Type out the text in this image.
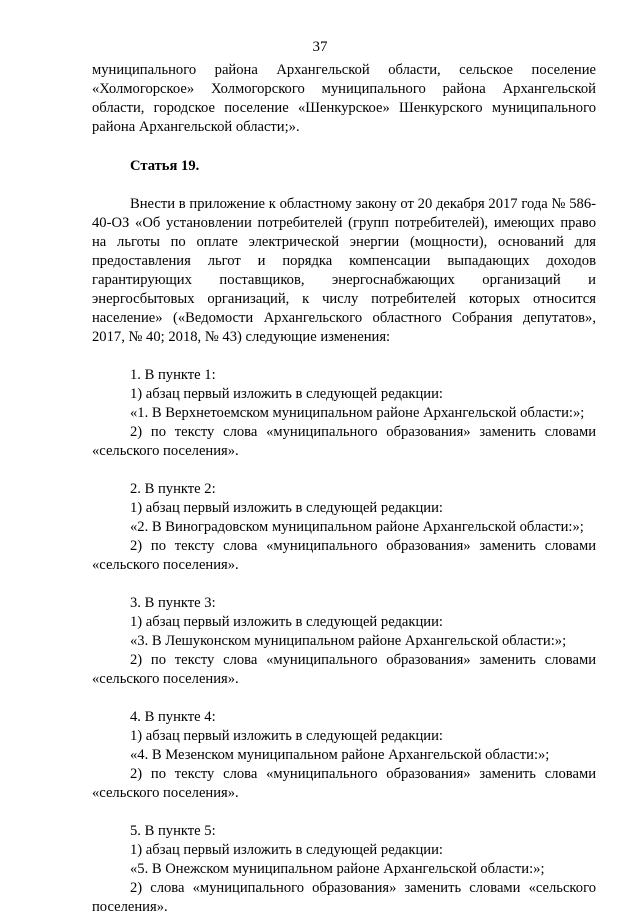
37

муниципального района Архангельской области, сельское поселение «Холмогорское» Холмогорского муниципального района Архангельской области, городское поселение «Шенкурское» Шенкурского муниципального района Архангельской области;».

Статья 19.

Внести в приложение к областному закону от 20 декабря 2017 года № 586-40-ОЗ «Об установлении потребителей (групп потребителей), имеющих право на льготы по оплате электрической энергии (мощности), оснований для предоставления льгот и порядка компенсации выпадающих доходов гарантирующих поставщиков, энергоснабжающих организаций и энергосбытовых организаций, к числу потребителей которых относится население» («Ведомости Архангельского областного Собрания депутатов», 2017, № 40; 2018, № 43) следующие изменения:

1. В пункте 1:

1) абзац первый изложить в следующей редакции:

«1. В Верхнетоемском муниципальном районе Архангельской области:»;

2) по тексту слова «муниципального образования» заменить словами «сельского поселения».

2. В пункте 2:

1) абзац первый изложить в следующей редакции:

«2. В Виноградовском муниципальном районе Архангельской области:»;

2) по тексту слова «муниципального образования» заменить словами «сельского поселения».

3. В пункте 3:

1) абзац первый изложить в следующей редакции:

«3. В Лешуконском муниципальном районе Архангельской области:»;

2) по тексту слова «муниципального образования» заменить словами «сельского поселения».

4. В пункте 4:

1) абзац первый изложить в следующей редакции:

«4. В Мезенском муниципальном районе Архангельской области:»;

2) по тексту слова «муниципального образования» заменить словами «сельского поселения».

5. В пункте 5:

1) абзац первый изложить в следующей редакции:

«5. В Онежском муниципальном районе Архангельской области:»;

2) слова «муниципального образования» заменить словами «сельского поселения».
